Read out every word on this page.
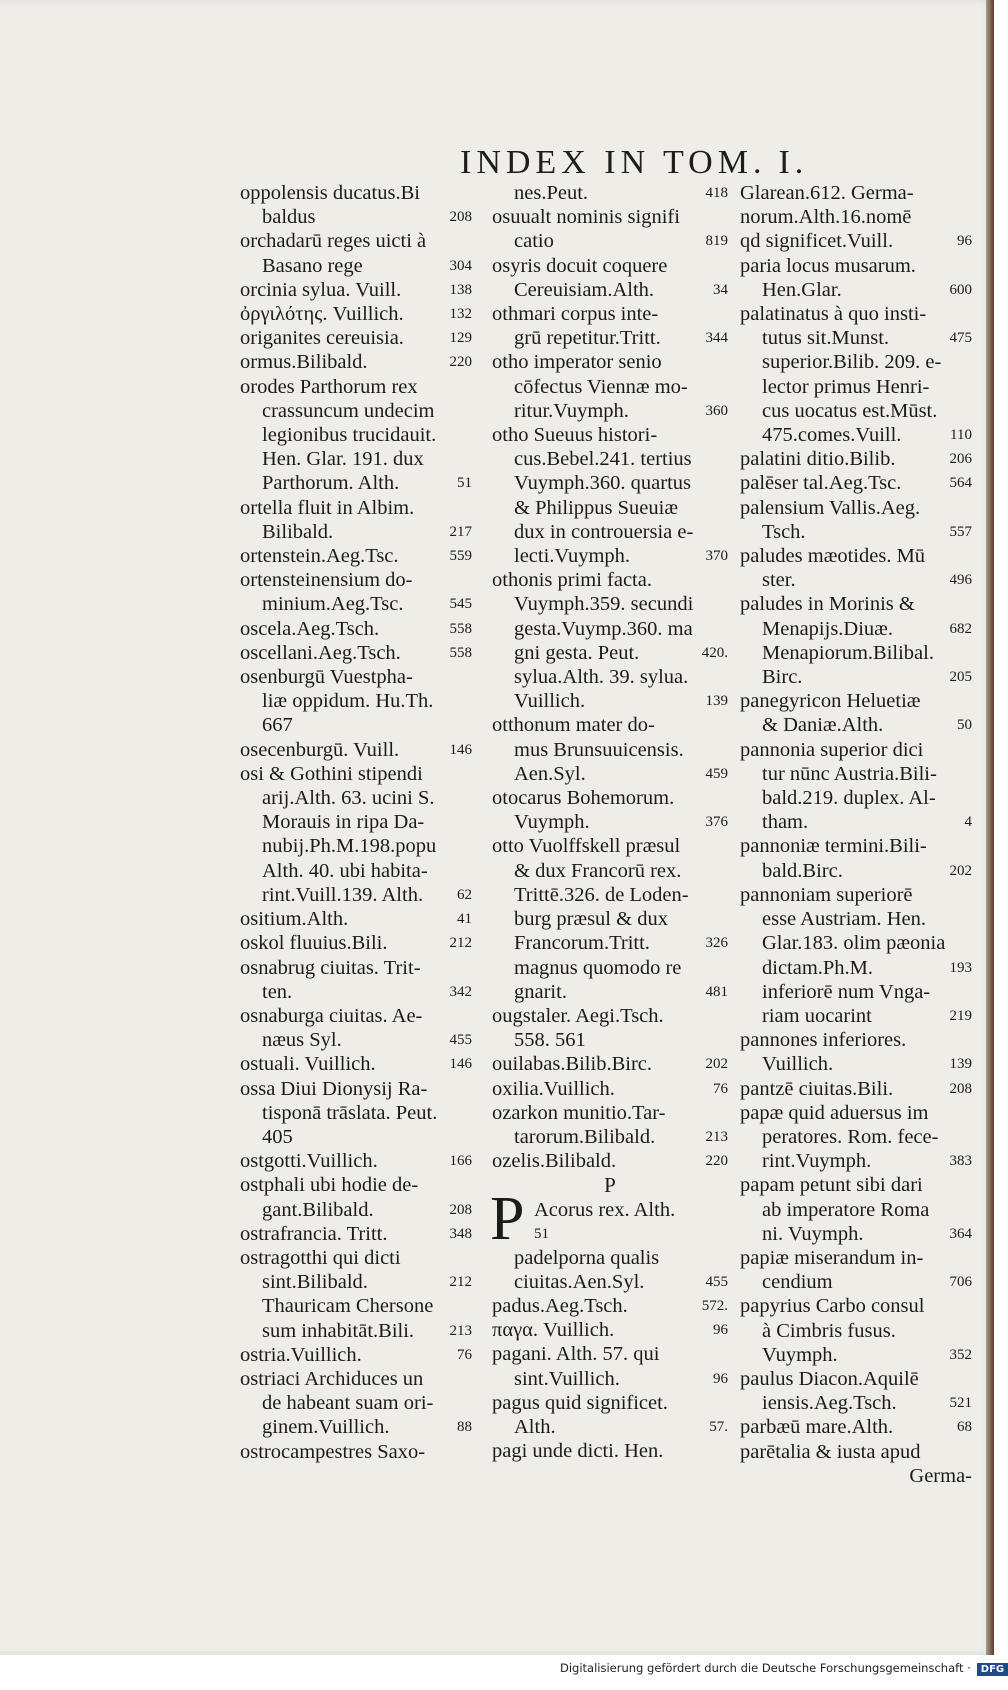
INDEX IN TOM. I.
oppolensis ducatus.Bi
baldus	208
orchadarū reges uicti à
Basano rege	304
orcinia sylua. Vuill.	138
ὀργιλότης. Vuillich.	132
origanites cereuisia.	129
ormus.Bilibald.	220
orodes Parthorum rex
crassuncum undecim
legionibus trucidauit.
Hen. Glar. 191. dux
Parthorum. Alth.	51
ortella fluit in Albim.
Bilibald.	217
ortenstein.Aeg.Tsc.	559
ortensteinensium do-
minium.Aeg.Tsc.	545
oscela.Aeg.Tsch.	558
oscellani.Aeg.Tsch.	558
osenburgū Vuestpha-
liæ oppidum. Hu.Th.
667
osecenburgū. Vuill.	146
osi & Gothini stipendi
arij.Alth. 63. ucini S.
Morauis in ripa Da-
nubij.Ph.M.198.popu
Alth. 40. ubi habita-
rint.Vuill.139. Alth. 62
ositium.Alth.	41
oskol fluuius.Bili.	212
osnabrug ciuitas. Trit-
ten.	342
osnaburga ciuitas. Ae-
næus Syl.	455
ostuali. Vuillich.	146
ossa Diui Dionysij Ra-
tisponā trāslata. Peut.
405
ostgotti.Vuillich.	166
ostphali ubi hodie de-
gant.Bilibald.	208
ostrafrancia. Tritt.	348
ostragotthi qui dicti
sint.Bilibald.	212
Thauricam Chersone
sum inhabitāt.Bili. 213
ostria.Vuillich.	76
ostriaci Archiduces un
de habeant suam ori-
ginem.Vuillich.	88
ostrocampestres Saxo-
nes.Peut.	418
osuualt nominis signifi
catio	819
osyris docuit coquere
Cereuisiam.Alth.	34
othmari corpus inte-
grū repetitur.Tritt.	344
otho imperator senio
cōfectus Viennæ mo-
ritur.Vuymph.	360
otho Sueuus histori-
cus.Bebel.241. tertius
Vuymph.360. quartus
& Philippus Sueuiæ
dux in controuersia e-
lecti.Vuymph.	370
othonis primi facta.
Vuymph.359. secundi
gesta.Vuymp.360. ma
gni gesta. Peut.	420.
sylua.Alth. 39. sylua.
Vuillich.	139
otthonum mater do-
mus Brunsuuicensis.
Aen.Syl.	459
otocarus Bohemorum.
Vuymph.	376
otto Vuolffskell præsul
& dux Francorū rex.
Trittē.326. de Loden-
burg præsul & dux
Francorum.Tritt.	326
magnus quomodo re
gnarit.	481
ougstaler. Aegi.Tsch.
558. 561
ouilabas.Bilib.Birc.	202
oxilia.Vuillich.	76
ozarkon munitio.Tar-
tarorum.Bilibald.	213
ozelis.Bilibald.	220
P
P Acorus rex. Alth.
51
padelporna qualis
ciuitas.Aen.Syl.	455
padus.Aeg.Tsch.	572.
παγα. Vuillich.	96
pagani. Alth. 57. qui
sint.Vuillich.	96
pagus quid significet.
Alth.	57.
pagi unde dicti. Hen.
Glarean.612. Germa-
norum.Alth.16.nomē
qd significet.Vuill.	96
paria locus musarum.
Hen.Glar.	600
palatinatus à quo insti-
tutus sit.Munst.	475
superior.Bilib. 209. e-
lector primus Henri-
cus uocatus est.Mūst.
475.comes.Vuill.	110
palatini ditio.Bilib.	206
palēser tal.Aeg.Tsc.	564
palensium Vallis.Aeg.
Tsch.	557
paludes mæotides. Mū
ster.	496
paludes in Morinis &
Menapijs.Diuæ.	682
Menapiorum.Bilibal.
Birc.	205
panegyricon Heluetiæ
& Daniæ.Alth.	50
pannonia superior dici
tur nūnc Austria.Bili-
bald.219. duplex. Al-
tham.	4
pannoniæ termini.Bili-
bald.Birc.	202
pannoniam superiorē
esse Austriam. Hen.
Glar.183. olim pæonia
dictam.Ph.M.	193
inferiorē num Vnga-
riam uocarint	219
pannones inferiores.
Vuillich.	139
pantzē ciuitas.Bili.	208
papæ quid aduersus im
peratores. Rom. fece-
rint.Vuymph.	383
papam petunt sibi dari
ab imperatore Roma
ni. Vuymph.	364
papiæ miserandum in-
cendium	706
papyrius Carbo consul
à Cimbris fusus.
Vuymph.	352
paulus Diacon.Aquilē
iensis.Aeg.Tsch.	521
parbæū mare.Alth.	68
parētalia & iusta apud
Germa-
Digitalisierung gefördert durch die Deutsche Forschungsgemeinschaft · DFG
